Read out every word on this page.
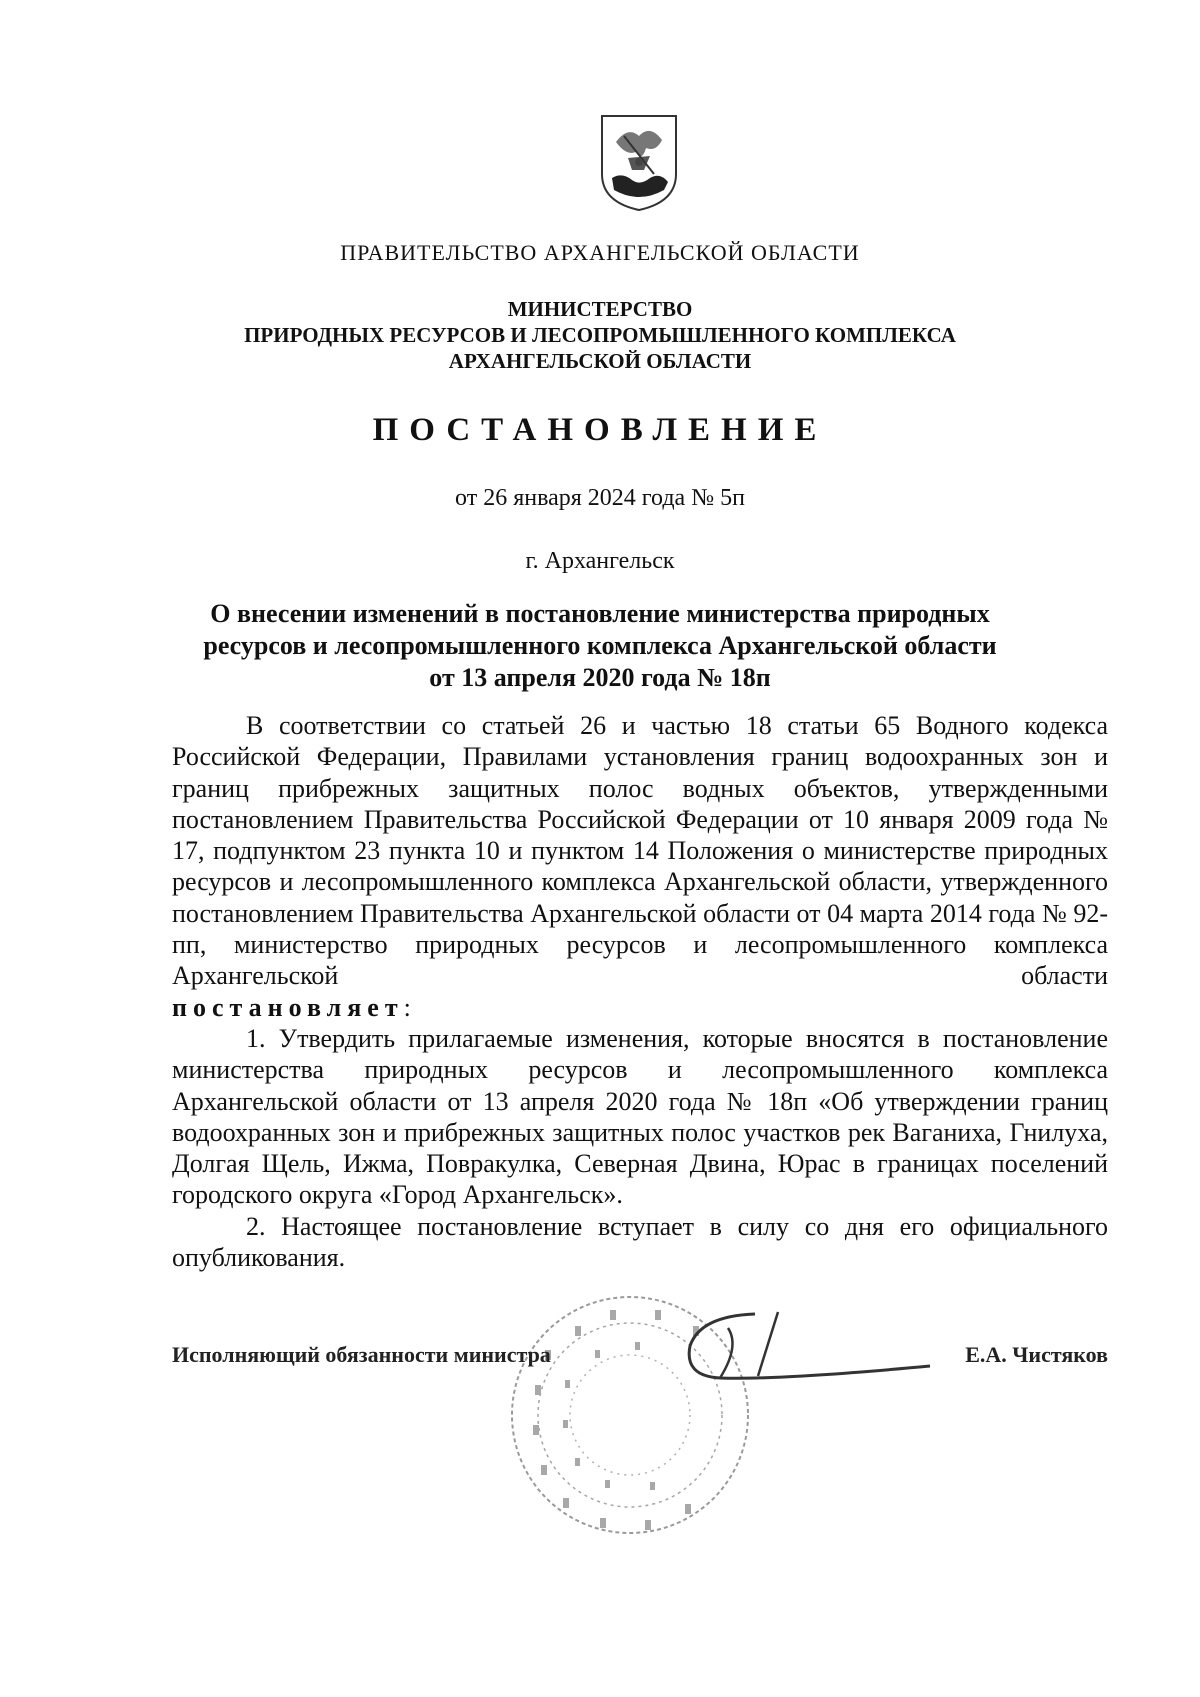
ПРАВИТЕЛЬСТВО АРХАНГЕЛЬСКОЙ ОБЛАСТИ
МИНИСТЕРСТВО
ПРИРОДНЫХ РЕСУРСОВ И ЛЕСОПРОМЫШЛЕННОГО КОМПЛЕКСА
АРХАНГЕЛЬСКОЙ ОБЛАСТИ
ПОСТАНОВЛЕНИЕ
от 26 января 2024 года № 5п
г. Архангельск
О внесении изменений в постановление министерства природных
ресурсов и лесопромышленного комплекса Архангельской области
от 13 апреля 2020 года № 18п

В соответствии со статьей 26 и частью 18 статьи 65 Водного кодекса Российской Федерации, Правилами установления границ водоохранных зон и границ прибрежных защитных полос водных объектов, утвержденными постановлением Правительства Российской Федерации от 10 января 2009 года № 17, подпунктом 23 пункта 10 и пунктом 14 Положения о министерстве природных ресурсов и лесопромышленного комплекса Архангельской области, утвержденного постановлением Правительства Архангельской области от 04 марта 2014 года № 92-пп, министерство природных ресурсов и лесопромышленного комплекса Архангельской области

постановляет:

1. Утвердить прилагаемые изменения, которые вносятся в постановление министерства природных ресурсов и лесопромышленного комплекса Архангельской области от 13 апреля 2020 года № 18п «Об утверждении границ водоохранных зон и прибрежных защитных полос участков рек Ваганиха, Гнилуха, Долгая Щель, Ижма, Повракулка, Северная Двина, Юрас в границах поселений городского округа «Город Архангельск».

2. Настоящее постановление вступает в силу со дня его официального опубликования.

Исполняющий обязанности министра	Е.А. Чистяков
